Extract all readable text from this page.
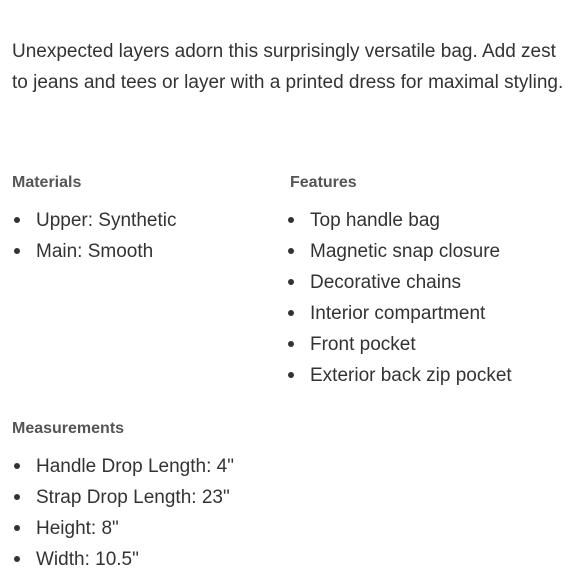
Unexpected layers adorn this surprisingly versatile bag. Add zest to jeans and tees or layer with a printed dress for maximal styling.

Materials
Upper: Synthetic
Main: Smooth
Features
Top handle bag
Magnetic snap closure
Decorative chains
Interior compartment
Front pocket
Exterior back zip pocket
Measurements
Handle Drop Length: 4"
Strap Drop Length: 23"
Height: 8"
Width: 10.5"
